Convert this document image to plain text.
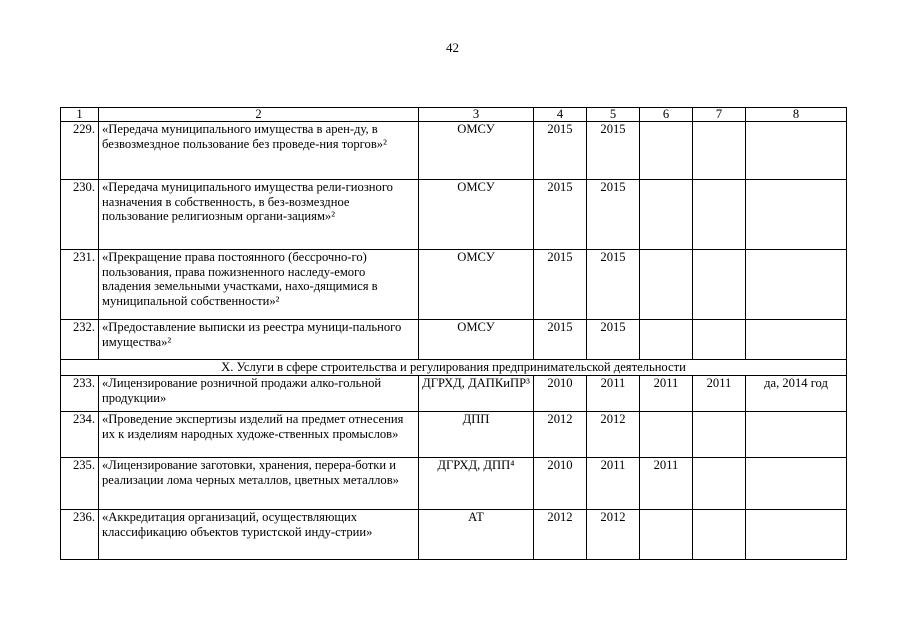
42
1	2	3	4	5	6	7	8
229.	«Передача муниципального имущества в арен-ду, в безвозмездное пользование без проведе-ния торгов»²	ОМСУ	2015	2015			
230.	«Передача муниципального имущества рели-гиозного назначения в собственность, в без-возмездное пользование религиозным органи-зациям»²	ОМСУ	2015	2015			
231.	«Прекращение права постоянного (бессрочно-го) пользования, права пожизненного наследу-емого владения земельными участками, нахо-дящимися в муниципальной собственности»²	ОМСУ	2015	2015			
232.	«Предоставление выписки из реестра муници-пального имущества»²	ОМСУ	2015	2015			
X. Услуги в сфере строительства и регулирования предпринимательской деятельности							
233.	«Лицензирование розничной продажи алко-гольной продукции»	ДГРХД, ДАПКиПР³	2010	2011	2011	2011	да, 2014 год
234.	«Проведение экспертизы изделий на предмет отнесения их к изделиям народных художе-ственных промыслов»	ДПП	2012	2012			
235.	«Лицензирование заготовки, хранения, перера-ботки и реализации лома черных металлов, цветных металлов»	ДГРХД, ДПП⁴	2010	2011	2011		
236.	«Аккредитация организаций, осуществляющих классификацию объектов туристской инду-стрии»	АТ	2012	2012			
